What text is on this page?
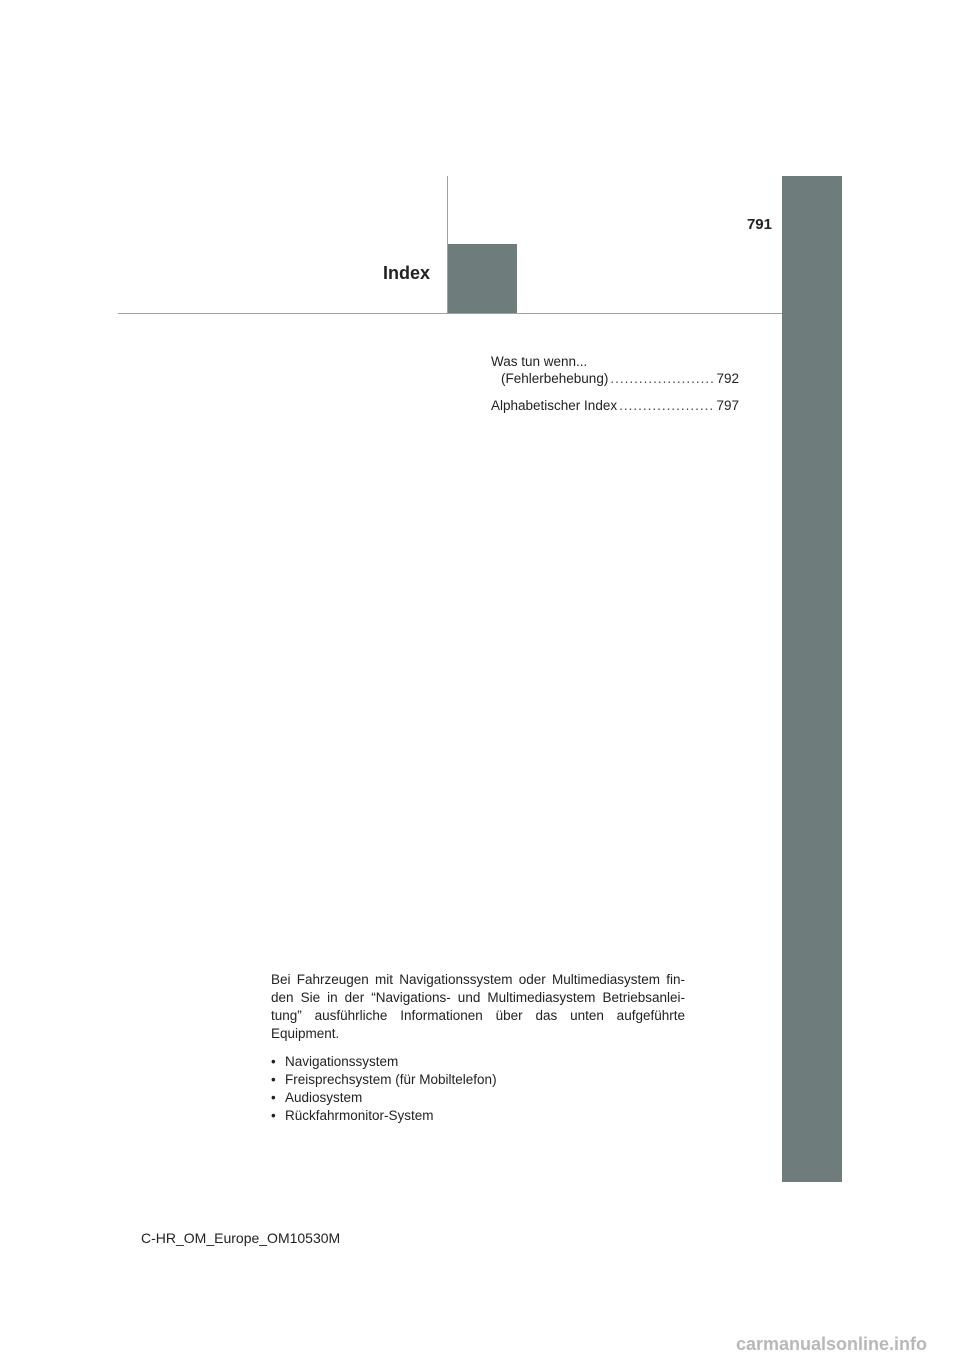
791
Index
Was tun wenn...
(Fehlerbehebung) .....	792
Alphabetischer Index .....	797

Bei Fahrzeugen mit Navigationssystem oder Multimediasystem fin-den Sie in der “Navigations- und Multimediasystem Betriebsanlei-tung” ausführliche Informationen über das unten aufgeführte Equipment.

• Navigationssystem
• Freisprechsystem (für Mobiltelefon)
• Audiosystem
• Rückfahrmonitor-System
C-HR_OM_Europe_OM10530M
carmanualsonline.info
